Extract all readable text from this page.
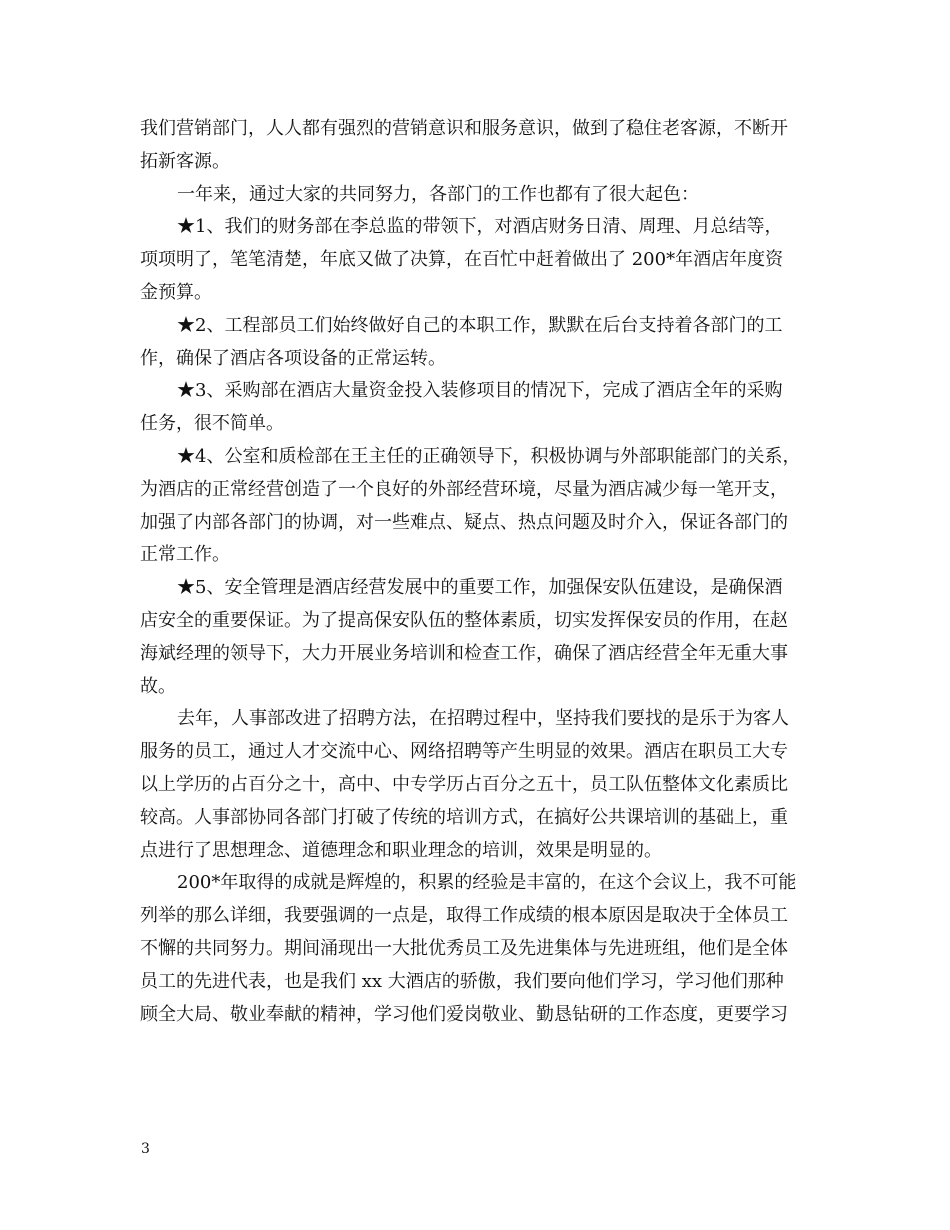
我们营销部门，人人都有强烈的营销意识和服务意识，做到了稳住老客源，不断开
拓新客源。
一年来，通过大家的共同努力，各部门的工作也都有了很大起色：
★1、我们的财务部在李总监的带领下，对酒店财务日清、周理、月总结等，
项项明了，笔笔清楚，年底又做了决算，在百忙中赶着做出了 200*年酒店年度资
金预算。
★2、工程部员工们始终做好自己的本职工作，默默在后台支持着各部门的工
作，确保了酒店各项设备的正常运转。
★3、采购部在酒店大量资金投入装修项目的情况下，完成了酒店全年的采购
任务，很不简单。
★4、公室和质检部在王主任的正确领导下，积极协调与外部职能部门的关系，
为酒店的正常经营创造了一个良好的外部经营环境，尽量为酒店减少每一笔开支，
加强了内部各部门的协调，对一些难点、疑点、热点问题及时介入，保证各部门的
正常工作。
★5、安全管理是酒店经营发展中的重要工作，加强保安队伍建设，是确保酒
店安全的重要保证。为了提高保安队伍的整体素质，切实发挥保安员的作用，在赵
海斌经理的领导下，大力开展业务培训和检查工作，确保了酒店经营全年无重大事
故。
去年，人事部改进了招聘方法，在招聘过程中，坚持我们要找的是乐于为客人
服务的员工，通过人才交流中心、网络招聘等产生明显的效果。酒店在职员工大专
以上学历的占百分之十，高中、中专学历占百分之五十，员工队伍整体文化素质比
较高。人事部协同各部门打破了传统的培训方式，在搞好公共课培训的基础上，重
点进行了思想理念、道德理念和职业理念的培训，效果是明显的。
200*年取得的成就是辉煌的，积累的经验是丰富的，在这个会议上，我不可能
列举的那么详细，我要强调的一点是，取得工作成绩的根本原因是取决于全体员工
不懈的共同努力。期间涌现出一大批优秀员工及先进集体与先进班组，他们是全体
员工的先进代表，也是我们 xx 大酒店的骄傲，我们要向他们学习，学习他们那种
顾全大局、敬业奉献的精神，学习他们爱岗敬业、勤恳钻研的工作态度，更要学习
3
